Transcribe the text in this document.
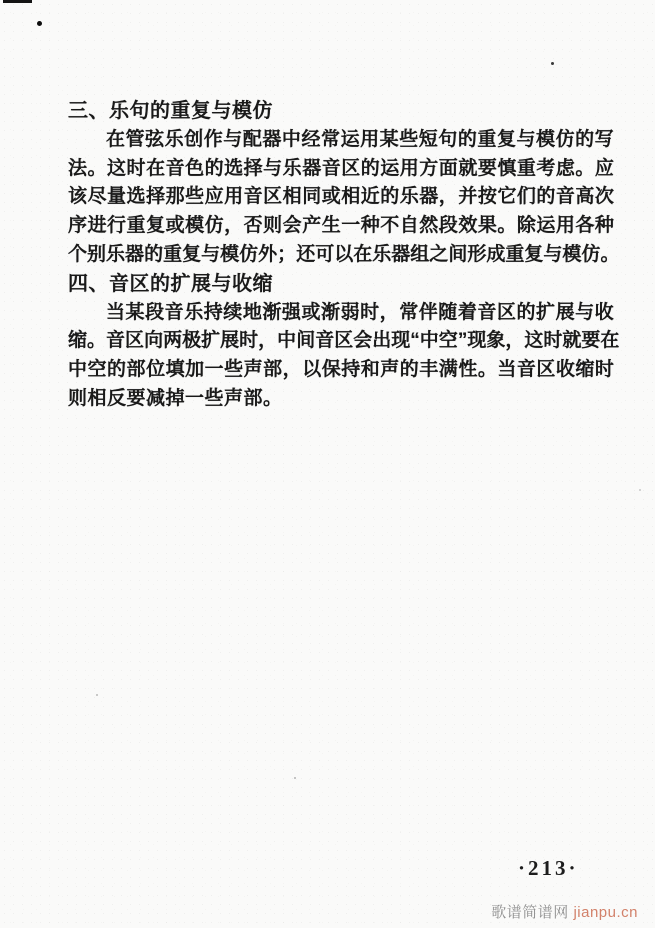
三、乐句的重复与模仿
在 管 弦 乐 创 作 与 配 器 中 经 常 运 用 某 些 短 句 的 重 复 与 模 仿 的 写
法 。 这 时 在 音 色 的 选 择 与 乐 器 音 区 的 运 用 方 面 就 要 慎 重 考 虑 。 应
该 尽 量 选 择 那 些 应 用 音 区 相 同 或 相 近 的 乐 器 ， 并 按 它 们 的 音 高 次
序 进 行 重 复 或 模 仿 ， 否 则 会 产 生 一 种 不 自 然 段 效 果 。 除 运 用 各 种
个 别 乐 器 的 重 复 与 模 仿 外 ； 还 可 以 在 乐 器 组 之 间 形 成 重 复 与 模 仿 。
四、音区的扩展与收缩
当 某 段 音 乐 持 续 地 渐 强 或 渐 弱 时 ， 常 伴 随 着 音 区 的 扩 展 与 收
缩 。 音 区 向 两 极 扩 展 时 ， 中 间 音 区 会 出 现 “ 中 空 ” 现 象 ， 这 时 就 要 在
中 空 的 部 位 填 加 一 些 声 部 ， 以 保 持 和 声 的 丰 满 性 。 当 音 区 收 缩 时
则相反要减掉一些声部。
·213·
歌谱简谱网 jianpu.cn
